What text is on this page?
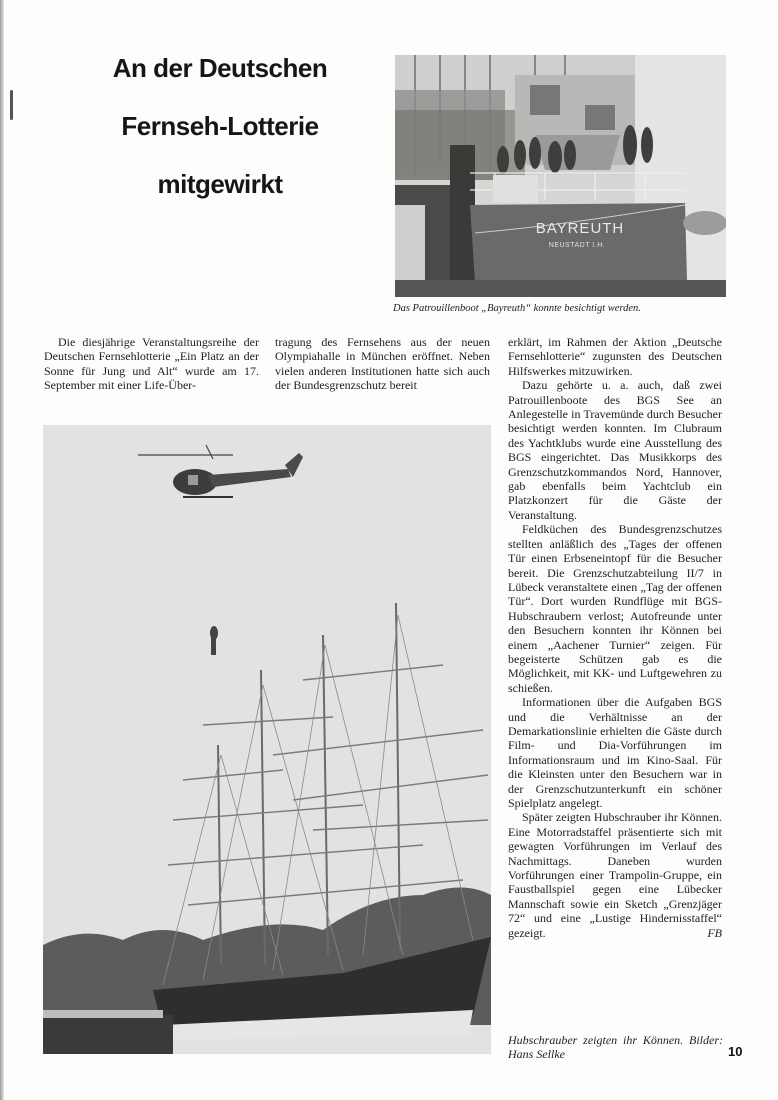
An der Deutschen
Fernseh-Lotterie
mitgewirkt
BAYREUTH
NEUSTADT I.H.
Das Patrouillenboot „Bayreuth“ konnte besichtigt werden.

Die diesjährige Veranstaltungsreihe der Deutschen Fernsehlotterie „Ein Platz an der Sonne für Jung und Alt“ wurde am 17. September mit einer Life-Über-

tragung des Fernsehens aus der neuen Olympiahalle in München eröffnet. Neben vielen anderen Institutionen hatte sich auch der Bundesgrenzschutz bereit

erklärt, im Rahmen der Aktion „Deutsche Fernsehlotterie“ zugunsten des Deutschen Hilfswerkes mitzuwirken.

Dazu gehörte u. a. auch, daß zwei Patrouillenboote des BGS See an Anlegestelle in Travemünde durch Besucher besichtigt werden konnten. Im Clubraum des Yachtklubs wurde eine Ausstellung des BGS eingerichtet. Das Musikkorps des Grenzschutzkommandos Nord, Hannover, gab ebenfalls beim Yachtclub ein Platzkonzert für die Gäste der Veranstaltung.

Feldküchen des Bundesgrenzschutzes stellten anläßlich des „Tages der offenen Tür einen Erbseneintopf für die Besucher bereit. Die Grenzschutzabteilung II/7 in Lübeck veranstaltete einen „Tag der offenen Tür“. Dort wurden Rundflüge mit BGS-Hubschraubern verlost; Autofreunde unter den Besuchern konnten ihr Können bei einem „Aachener Turnier“ zeigen. Für begeisterte Schützen gab es die Möglichkeit, mit KK- und Luftgewehren zu schießen.

Informationen über die Aufgaben BGS und die Verhältnisse an der Demarkationslinie erhielten die Gäste durch Film- und Dia-Vorführungen im Informationsraum und im Kino-Saal. Für die Kleinsten unter den Besuchern war in der Grenzschutzunterkunft ein schöner Spielplatz angelegt.

Später zeigten Hubschrauber ihr Können. Eine Motorradstaffel präsentierte sich mit gewagten Vorführungen im Verlauf des Nachmittags. Daneben wurden Vorführungen einer Trampolin-Gruppe, ein Faustballspiel gegen eine Lübecker Mannschaft sowie ein Sketch „Grenzjäger 72“ und eine „Lustige Hindernisstaffel“ gezeigt.	FB

Hubschrauber zeigten ihr Können. Bilder: Hans Sellke	10
